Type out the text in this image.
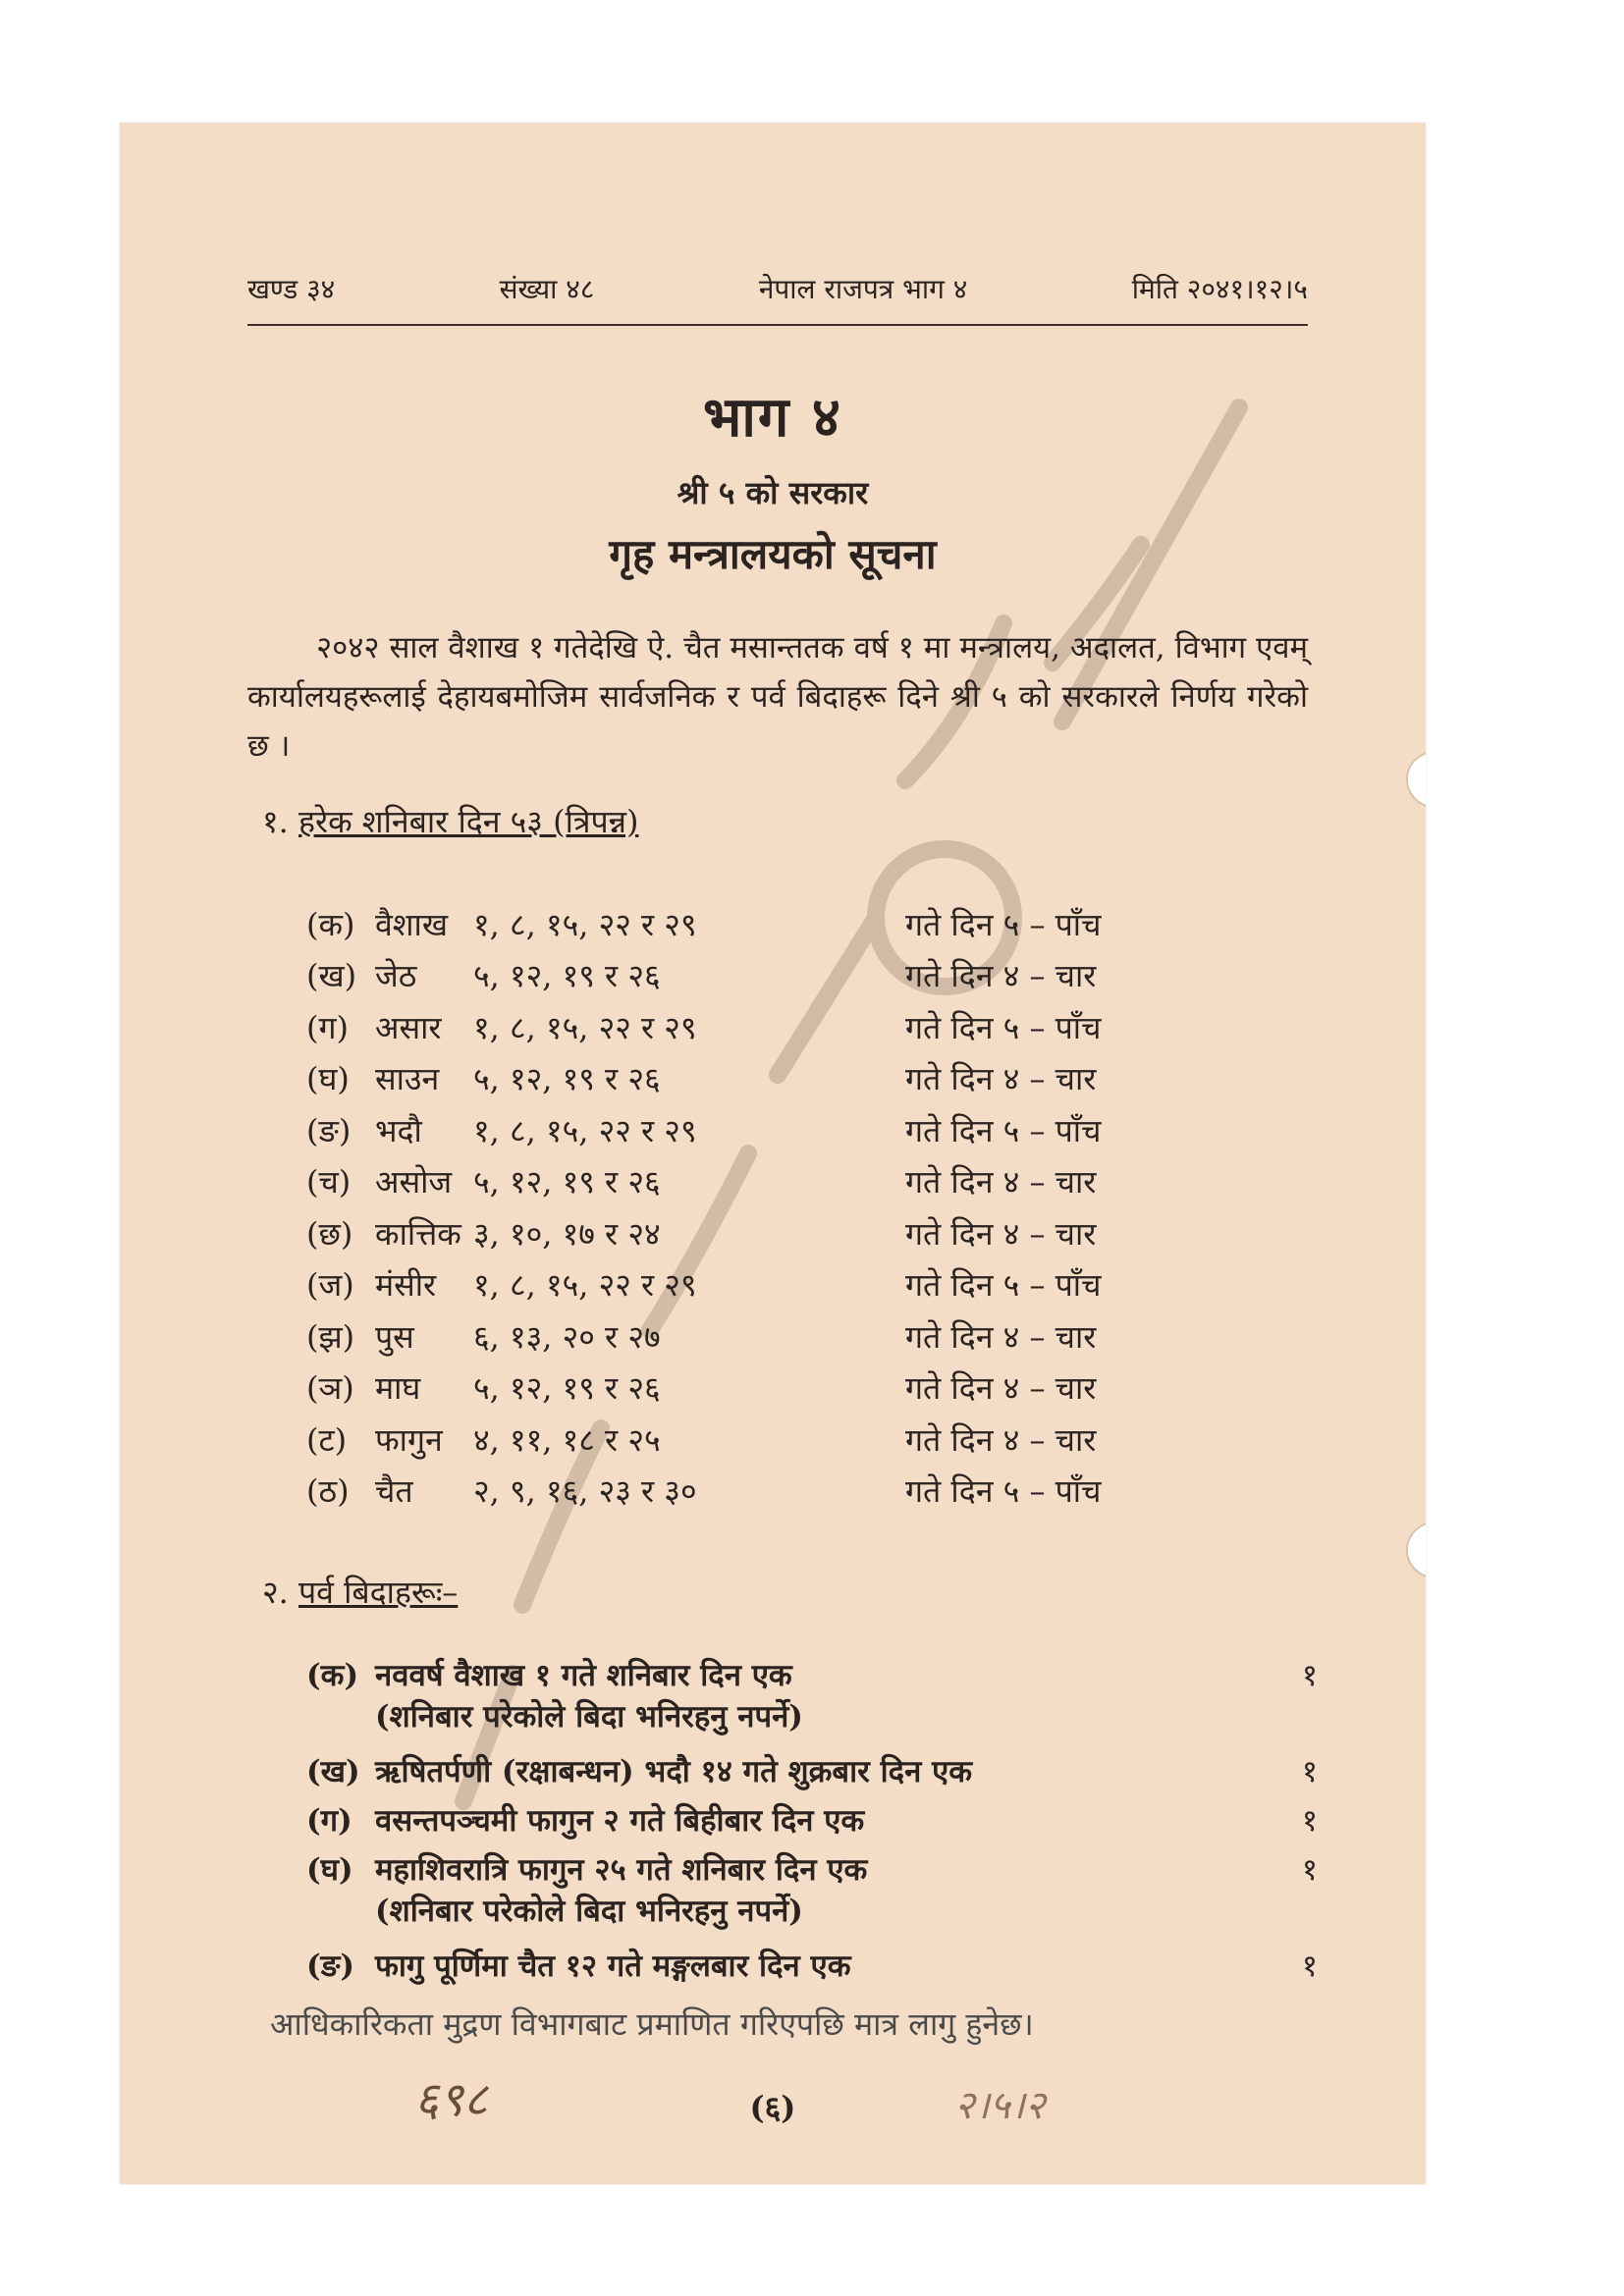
खण्ड ३४	संख्या ४८	नेपाल राजपत्र भाग ४	मिति २०४१।१२।५
भाग ४
श्री ५ को सरकार
गृह मन्त्रालयको सूचना
२०४२ साल वैशाख १ गतेदेखि ऐ. चैत मसान्ततक वर्ष १ मा मन्त्रालय, अदालत, विभाग एवम् कार्यालयहरूलाई देहायबमोजिम सार्वजनिक र पर्व बिदाहरू दिने श्री ५ को सरकारले निर्णय गरेको छ ।
१. हरेक शनिबार दिन ५३ (त्रिपन्न)
(क) वैशाख १, ८, १५, २२ र २९	गते दिन ५ – पाँच
(ख) जेठ	५, १२, १९ र २६	गते दिन ४ – चार
(ग) असार	१, ८, १५, २२ र २९	गते दिन ५ – पाँच
(घ) साउन	५, १२, १९ र २६	गते दिन ४ – चार
(ङ) भदौ	१, ८, १५, २२ र २९	गते दिन ५ – पाँच
(च) असोज ५, १२, १९ र २६	गते दिन ४ – चार
(छ) कात्तिक ३, १०, १७ र २४	गते दिन ४ – चार
(ज) मंसीर	१, ८, १५, २२ र २९	गते दिन ५ – पाँच
(झ) पुस	६, १३, २० र २७	गते दिन ४ – चार
(ञ) माघ	५, १२, १९ र २६	गते दिन ४ – चार
(ट) फागुन ४, ११, १८ र २५	गते दिन ४ – चार
(ठ) चैत	२, ९, १६, २३ र ३०	गते दिन ५ – पाँच
२. पर्व बिदाहरूः–
(क) नववर्ष वैशाख १ गते शनिबार दिन एक	१
(शनिबार परेकोले बिदा भनिरहनु नपर्ने)
(ख) ऋषितर्पणी (रक्षाबन्धन) भदौ १४ गते शुक्रबार दिन एक	१
(ग) वसन्तपञ्चमी फागुन २ गते बिहीबार दिन एक	१
(घ) महाशिवरात्रि फागुन २५ गते शनिबार दिन एक	१
(शनिबार परेकोले बिदा भनिरहनु नपर्ने)
(ङ) फागु पूर्णिमा चैत १२ गते मङ्गलबार दिन एक	१
६९८	(६)	२।५।२
आधिकारिकता मुद्रण विभागबाट प्रमाणित गरिएपछि मात्र लागु हुनेछ।
